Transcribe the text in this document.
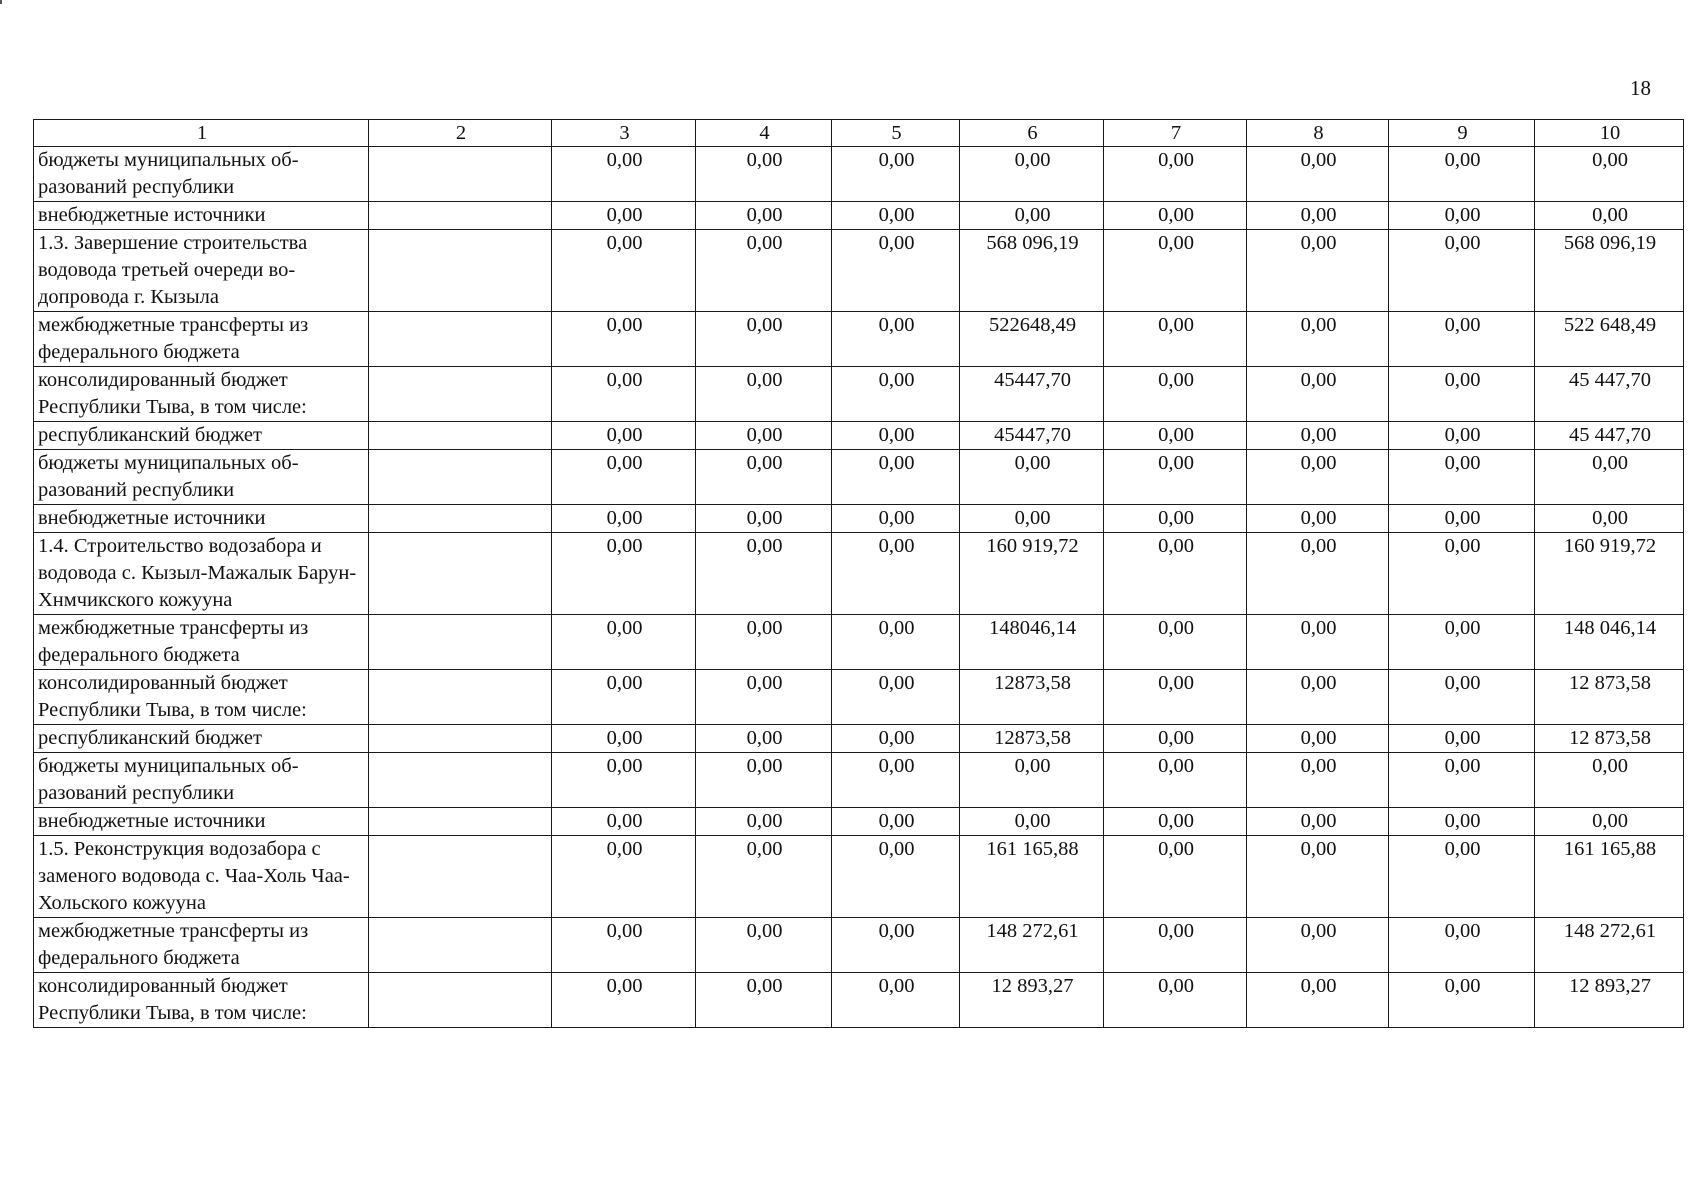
18
1	2	3	4	5	6	7	8	9	10
бюджеты муниципальных об-разований республики		0,00	0,00	0,00	0,00	0,00	0,00	0,00	0,00
внебюджетные источники		0,00	0,00	0,00	0,00	0,00	0,00	0,00	0,00
1.3. Завершение строительства водовода третьей очереди во-допровода г. Кызыла		0,00	0,00	0,00	568 096,19	0,00	0,00	0,00	568 096,19
межбюджетные трансферты из федерального бюджета		0,00	0,00	0,00	522648,49	0,00	0,00	0,00	522 648,49
консолидированный бюджет Республики Тыва, в том числе:		0,00	0,00	0,00	45447,70	0,00	0,00	0,00	45 447,70
республиканский бюджет		0,00	0,00	0,00	45447,70	0,00	0,00	0,00	45 447,70
бюджеты муниципальных об-разований республики		0,00	0,00	0,00	0,00	0,00	0,00	0,00	0,00
внебюджетные источники		0,00	0,00	0,00	0,00	0,00	0,00	0,00	0,00
1.4. Строительство водозабора и водовода с. Кызыл-Мажалык Барун-Хнмчикского кожууна		0,00	0,00	0,00	160 919,72	0,00	0,00	0,00	160 919,72
межбюджетные трансферты из федерального бюджета		0,00	0,00	0,00	148046,14	0,00	0,00	0,00	148 046,14
консолидированный бюджет Республики Тыва, в том числе:		0,00	0,00	0,00	12873,58	0,00	0,00	0,00	12 873,58
республиканский бюджет		0,00	0,00	0,00	12873,58	0,00	0,00	0,00	12 873,58
бюджеты муниципальных об-разований республики		0,00	0,00	0,00	0,00	0,00	0,00	0,00	0,00
внебюджетные источники		0,00	0,00	0,00	0,00	0,00	0,00	0,00	0,00
1.5. Реконструкция водозабора с заменого водовода с. Чаа-Холь Чаа-Хольского кожууна		0,00	0,00	0,00	161 165,88	0,00	0,00	0,00	161 165,88
межбюджетные трансферты из федерального бюджета		0,00	0,00	0,00	148 272,61	0,00	0,00	0,00	148 272,61
консолидированный бюджет Республики Тыва, в том числе:		0,00	0,00	0,00	12 893,27	0,00	0,00	0,00	12 893,27
